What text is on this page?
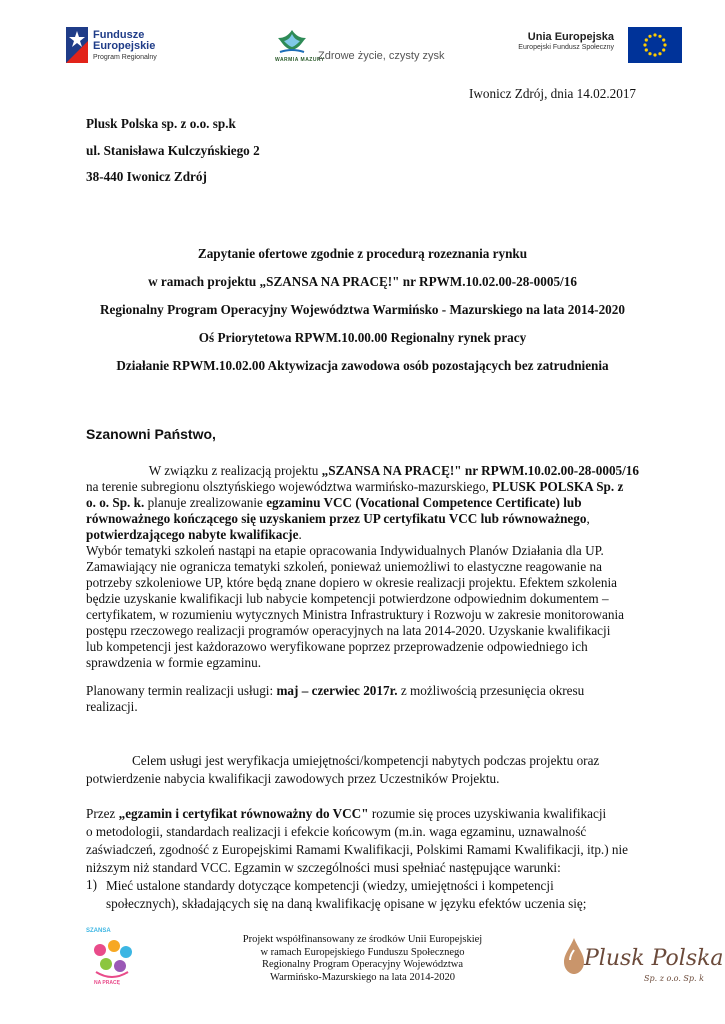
Fundusze
Europejskie
Program Regionalny	WARMIA MAZURY
Zdrowe życie, czysty zysk
Unia Europejska
Europejski Fundusz Społeczny
Iwonicz Zdrój, dnia 14.02.2017
Plusk Polska sp. z o.o. sp.k
ul. Stanisława Kulczyńskiego 2
38-440 Iwonicz Zdrój
Zapytanie ofertowe zgodnie z procedurą rozeznania rynku
w ramach projektu „SZANSA NA PRACĘ!" nr RPWM.10.02.00-28-0005/16
Regionalny Program Operacyjny Województwa Warmińsko - Mazurskiego na lata 2014-2020
Oś Priorytetowa RPWM.10.00.00 Regionalny rynek pracy
Działanie RPWM.10.02.00 Aktywizacja zawodowa osób pozostających bez zatrudnienia
Szanowni Państwo,
W związku z realizacją projektu „SZANSA NA PRACĘ!" nr RPWM.10.02.00-28-0005/16
na terenie subregionu olsztyńskiego województwa warmińsko-mazurskiego, PLUSK POLSKA Sp. z
o. o. Sp. k. planuje zrealizowanie egzaminu VCC (Vocational Competence Certificate) lub
równoważnego kończącego się uzyskaniem przez UP certyfikatu VCC lub równoważnego,
potwierdzającego nabyte kwalifikacje.
Wybór tematyki szkoleń nastąpi na etapie opracowania Indywidualnych Planów Działania dla UP.
Zamawiający nie ogranicza tematyki szkoleń, ponieważ uniemożliwi to elastyczne reagowanie na
potrzeby szkoleniowe UP, które będą znane dopiero w okresie realizacji projektu. Efektem szkolenia
będzie uzyskanie kwalifikacji lub nabycie kompetencji potwierdzone odpowiednim dokumentem –
certyfikatem, w rozumieniu wytycznych Ministra Infrastruktury i Rozwoju w zakresie monitorowania
postępu rzeczowego realizacji programów operacyjnych na lata 2014-2020. Uzyskanie kwalifikacji
lub kompetencji jest każdorazowo weryfikowane poprzez przeprowadzenie odpowiedniego ich
sprawdzenia w formie egzaminu.
Planowany termin realizacji usługi: maj – czerwiec 2017r. z możliwością przesunięcia okresu
realizacji.
Celem usługi jest weryfikacja umiejętności/kompetencji nabytych podczas projektu oraz
potwierdzenie nabycia kwalifikacji zawodowych przez Uczestników Projektu.
Przez „egzamin i certyfikat równoważny do VCC" rozumie się proces uzyskiwania kwalifikacji
o metodologii, standardach realizacji i efekcie końcowym (m.in. waga egzaminu, uznawalność
zaświadczeń, zgodność z Europejskimi Ramami Kwalifikacji, Polskimi Ramami Kwalifikacji, itp.) nie
niższym niż standard VCC. Egzamin w szczególności musi spełniać następujące warunki:
1) Mieć ustalone standardy dotyczące kompetencji (wiedzy, umiejętności i kompetencji
społecznych), składających się na daną kwalifikację opisane w języku efektów uczenia się;
SZANSA
NA PRACĘ
Projekt współfinansowany ze środków Unii Europejskiej
w ramach Europejskiego Funduszu Społecznego
Regionalny Program Operacyjny Województwa
Warmińsko-Mazurskiego na lata 2014-2020
Plusk Polska
Sp. z o.o. Sp. k
